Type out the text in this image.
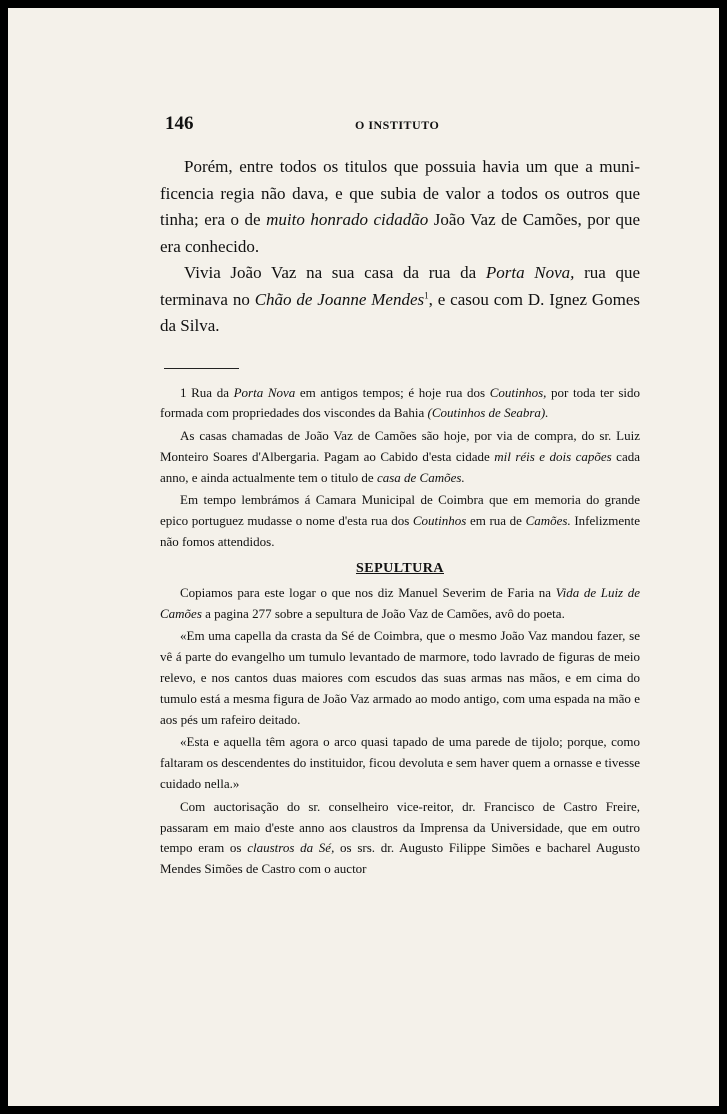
146	O INSTITUTO

Porém, entre todos os titulos que possuia havia um que a munificencia regia não dava, e que subia de valor a todos os outros que tinha; era o de muito honrado cidadão João Vaz de Camões, por que era conhecido.

Vivia João Vaz na sua casa da rua da Porta Nova, rua que terminava no Chão de Joanne Mendes$^1$, e casou com D. Ignez Gomes da Silva.

1 Rua da Porta Nova em antigos tempos; é hoje rua dos Coutinhos, por toda ter sido formada com propriedades dos viscondes da Bahia (Coutinhos de Seabra).

As casas chamadas de João Vaz de Camões são hoje, por via de compra, do sr. Luiz Monteiro Soares d'Albergaria. Pagam ao Cabido d'esta cidade mil réis e dois capões cada anno, e ainda actualmente tem o titulo de casa de Camões.

Em tempo lembrámos á Camara Municipal de Coimbra que em memoria do grande epico portuguez mudasse o nome d'esta rua dos Coutinhos em rua de Camões. Infelizmente não fomos attendidos.

SEPULTURA

Copiamos para este logar o que nos diz Manuel Severim de Faria na Vida de Luiz de Camões a pagina 277 sobre a sepultura de João Vaz de Camões, avô do poeta.

«Em uma capella da crasta da Sé de Coimbra, que o mesmo João Vaz mandou fazer, se vê á parte do evangelho um tumulo levantado de marmore, todo lavrado de figuras de meio relevo, e nos cantos duas maiores com escudos das suas armas nas mãos, e em cima do tumulo está a mesma figura de João Vaz armado ao modo antigo, com uma espada na mão e aos pés um rafeiro deitado.

«Esta e aquella têm agora o arco quasi tapado de uma parede de tijolo; porque, como faltaram os descendentes do instituidor, ficou devoluta e sem haver quem a ornasse e tivesse cuidado nella.»

Com auctorisação do sr. conselheiro vice-reitor, dr. Francisco de Castro Freire, passaram em maio d'este anno aos claustros da Imprensa da Universidade, que em outro tempo eram os claustros da Sé, os srs. dr. Augusto Filippe Simões e bacharel Augusto Mendes Simões de Castro com o auctor
